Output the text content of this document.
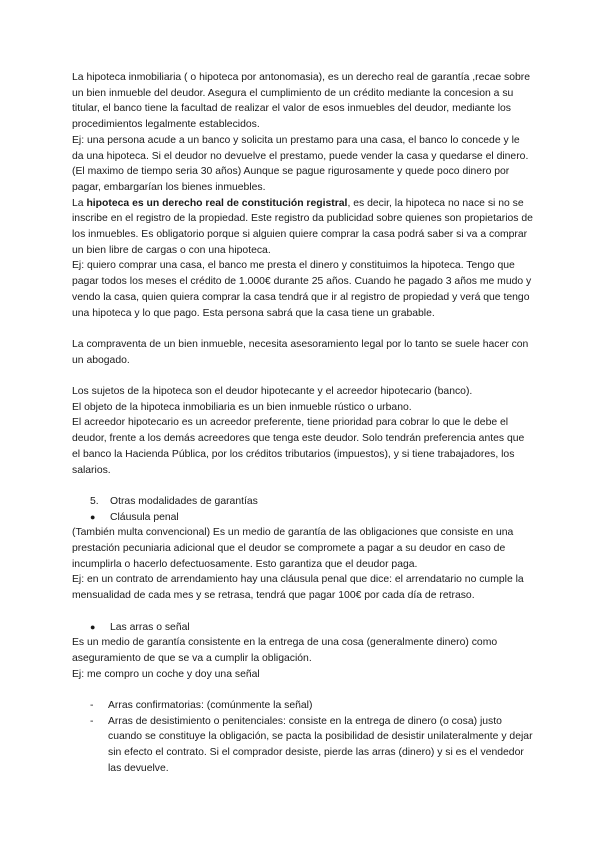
La hipoteca inmobiliaria ( o hipoteca por antonomasia), es un derecho real de garantía ,recae sobre un bien inmueble del deudor. Asegura el cumplimiento de un crédito mediante la concesion a su titular, el banco tiene la facultad de realizar el valor de esos inmuebles del deudor, mediante los procedimientos legalmente establecidos.

Ej: una persona acude a un banco y solicita un prestamo para una casa, el banco lo concede y le da una hipoteca. Si el deudor no devuelve el prestamo, puede vender la casa y quedarse el dinero. (El maximo de tiempo seria 30 años) Aunque se pague rigurosamente y quede poco dinero por pagar, embargarían los bienes inmuebles.

La hipoteca es un derecho real de constitución registral, es decir, la hipoteca no nace si no se inscribe en el registro de la propiedad. Este registro da publicidad sobre quienes son propietarios de los inmuebles. Es obligatorio porque si alguien quiere comprar la casa podrá saber si va a comprar un bien libre de cargas o con una hipoteca.

Ej: quiero comprar una casa, el banco me presta el dinero y constituimos la hipoteca. Tengo que pagar todos los meses el crédito de 1.000€ durante 25 años. Cuando he pagado 3 años me mudo y vendo la casa, quien quiera comprar la casa tendrá que ir al registro de propiedad y verá que tengo una hipoteca y lo que pago. Esta persona sabrá que la casa tiene un grabable.

La compraventa de un bien inmueble, necesita asesoramiento legal por lo tanto se suele hacer con un abogado.

Los sujetos de la hipoteca son el deudor hipotecante y el acreedor hipotecario (banco).

El objeto de la hipoteca inmobiliaria es un bien inmueble rústico o urbano.

El acreedor hipotecario es un acreedor preferente, tiene prioridad para cobrar lo que le debe el deudor, frente a los demás acreedores que tenga este deudor. Solo tendrán preferencia antes que el banco la Hacienda Pública, por los créditos tributarios (impuestos), y si tiene trabajadores, los salarios.

5. Otras modalidades de garantías

● Cláusula penal

(También multa convencional) Es un medio de garantía de las obligaciones que consiste en una prestación pecuniaria adicional que el deudor se compromete a pagar a su deudor en caso de incumplirla o hacerlo defectuosamente. Esto garantiza que el deudor paga.

Ej: en un contrato de arrendamiento hay una cláusula penal que dice: el arrendatario no cumple la mensualidad de cada mes y se retrasa, tendrá que pagar 100€ por cada día de retraso.

● Las arras o señal

Es un medio de garantía consistente en la entrega de una cosa (generalmente dinero) como aseguramiento de que se va a cumplir la obligación.

Ej: me compro un coche y doy una señal

- Arras confirmatorias: (comúnmente la señal)

- Arras de desistimiento o penitenciales: consiste en la entrega de dinero (o cosa) justo cuando se constituye la obligación, se pacta la posibilidad de desistir unilateralmente y dejar sin efecto el contrato. Si el comprador desiste, pierde las arras (dinero) y si es el vendedor las devuelve.
